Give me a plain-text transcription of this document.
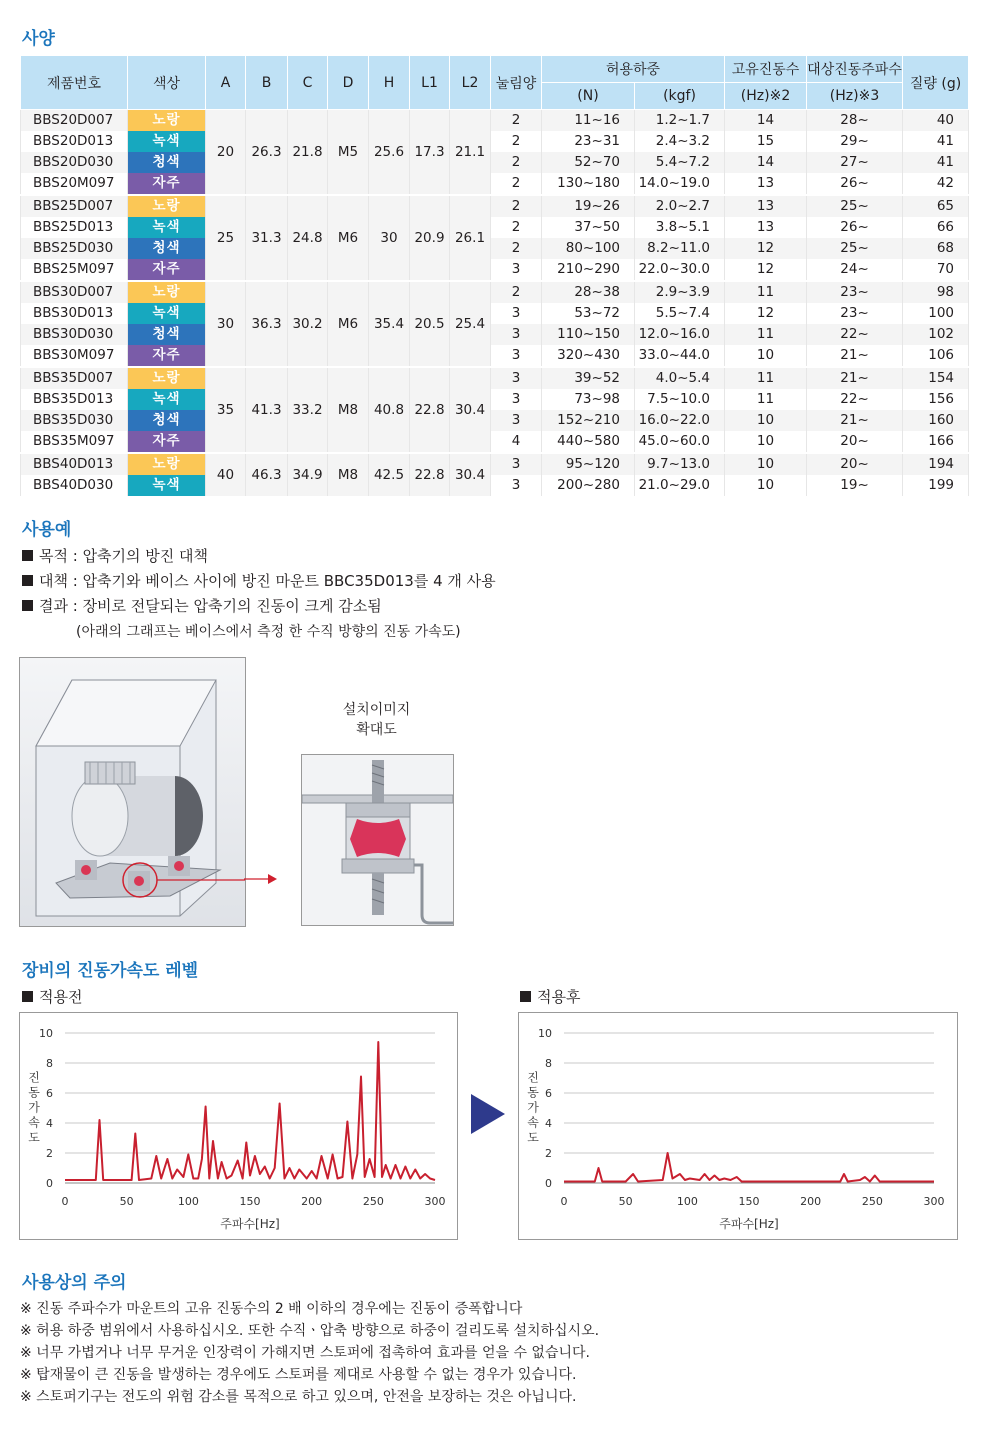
사양
제품번호	색상	A	B	C	D	H	L1	L2	눌림양	허용하중		고유진동수	대상진동주파수	질량 (g)
										(N)	(kgf)	(Hz)※2	(Hz)※3	
BBS20D007	노랑	20	26.3	21.8	M5	25.6	17.3	21.1	2	11~16	1.2~1.7	14	28~	40
BBS20D013	녹색								2	23~31	2.4~3.2	15	29~	41
BBS20D030	청색								2	52~70	5.4~7.2	14	27~	41
BBS20M097	자주								2	130~180	14.0~19.0	13	26~	42
BBS25D007	노랑	25	31.3	24.8	M6	30	20.9	26.1	2	19~26	2.0~2.7	13	25~	65
BBS25D013	녹색								2	37~50	3.8~5.1	13	26~	66
BBS25D030	청색								2	80~100	8.2~11.0	12	25~	68
BBS25M097	자주								3	210~290	22.0~30.0	12	24~	70
BBS30D007	노랑	30	36.3	30.2	M6	35.4	20.5	25.4	2	28~38	2.9~3.9	11	23~	98
BBS30D013	녹색								3	53~72	5.5~7.4	12	23~	100
BBS30D030	청색								3	110~150	12.0~16.0	11	22~	102
BBS30M097	자주								3	320~430	33.0~44.0	10	21~	106
BBS35D007	노랑	35	41.3	33.2	M8	40.8	22.8	30.4	3	39~52	4.0~5.4	11	21~	154
BBS35D013	녹색								3	73~98	7.5~10.0	11	22~	156
BBS35D030	청색								3	152~210	16.0~22.0	10	21~	160
BBS35M097	자주								4	440~580	45.0~60.0	10	20~	166
BBS40D013	노랑	40	46.3	34.9	M8	42.5	22.8	30.4	3	95~120	9.7~13.0	10	20~	194
BBS40D030	녹색								3	200~280	21.0~29.0	10	19~	199
사용예
목적 : 압축기의 방진 대책
대책 : 압축기와 베이스 사이에 방진 마운트 BBC35D013를 4 개 사용
결과 : 장비로 전달되는 압축기의 진동이 크게 감소됨
(아래의 그래프는 베이스에서 측정 한 수직 방향의 진동 가속도)
설치이미지
확대도
장비의 진동가속도 레벨
적용전	적용후
0
2
4
6
8
10
0	50	100	150	200	250	300
주파수[Hz]
진
동
가
속
도
0
2
4
6
8
10
0	50	100	150	200	250	300
주파수[Hz]
진
동
가
속
도
사용상의 주의
※ 진동 주파수가 마운트의 고유 진동수의 2 배 이하의 경우에는 진동이 증폭합니다
※ 허용 하중 범위에서 사용하십시오. 또한 수직ㆍ압축 방향으로 하중이 걸리도록 설치하십시오.
※ 너무 가볍거나 너무 무거운 인장력이 가해지면 스토퍼에 접촉하여 효과를 얻을 수 없습니다.
※ 탑재물이 큰 진동을 발생하는 경우에도 스토퍼를 제대로 사용할 수 없는 경우가 있습니다.
※ 스토퍼기구는 전도의 위험 감소를 목적으로 하고 있으며, 안전을 보장하는 것은 아닙니다.
